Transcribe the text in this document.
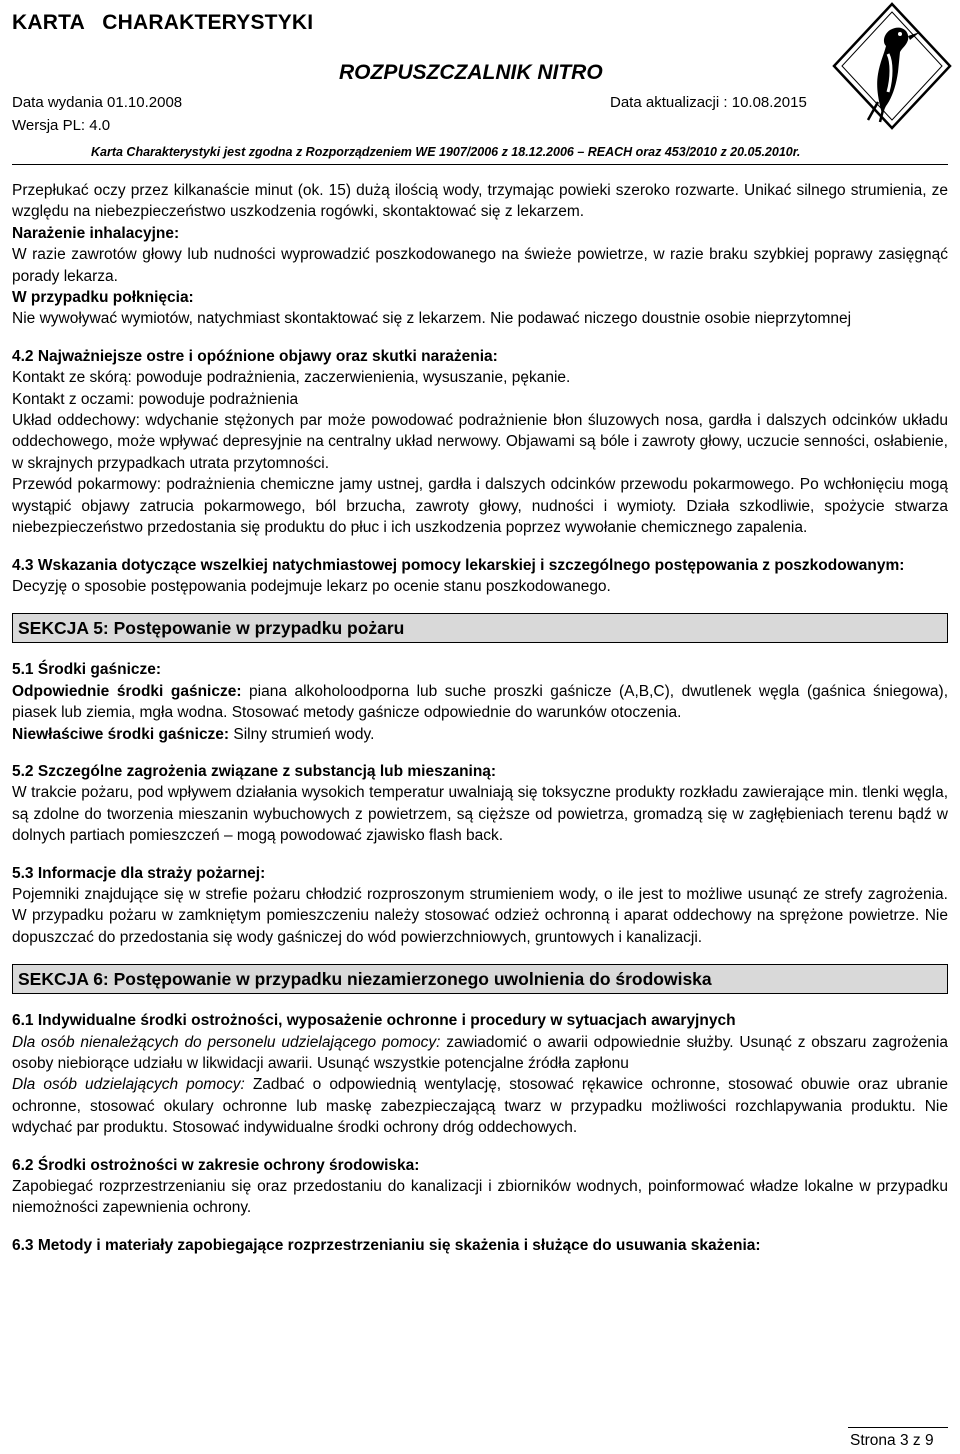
KARTA   CHARAKTERYSTYKI
ROZPUSZCZALNIK NITRO
Data wydania 01.10.2008	Data aktualizacji : 10.08.2015
Wersja PL: 4.0
Karta Charakterystyki jest zgodna z Rozporządzeniem WE 1907/2006 z 18.12.2006 – REACH oraz 453/2010 z 20.05.2010r.

Przepłukać oczy przez kilkanaście minut (ok. 15) dużą ilością wody, trzymając powieki szeroko rozwarte. Unikać silnego strumienia, ze względu na niebezpieczeństwo uszkodzenia rogówki, skontaktować się z lekarzem.

Narażenie inhalacyjne:

W razie zawrotów głowy lub nudności wyprowadzić poszkodowanego na świeże powietrze, w razie braku szybkiej poprawy zasięgnąć porady lekarza.

W przypadku połknięcia:

Nie wywoływać wymiotów, natychmiast skontaktować się z lekarzem. Nie podawać niczego doustnie osobie nieprzytomnej

4.2 Najważniejsze ostre i opóźnione objawy oraz skutki narażenia:

Kontakt ze skórą: powoduje podrażnienia, zaczerwienienia, wysuszanie, pękanie.

Kontakt z oczami: powoduje podrażnienia

Układ oddechowy: wdychanie stężonych par może powodować podrażnienie błon śluzowych nosa, gardła i dalszych odcinków układu oddechowego, może wpływać depresyjnie na centralny układ nerwowy. Objawami są bóle i zawroty głowy, uczucie senności, osłabienie, w skrajnych przypadkach utrata przytomności.

Przewód pokarmowy: podrażnienia chemiczne jamy ustnej, gardła i dalszych odcinków przewodu pokarmowego. Po wchłonięciu mogą wystąpić objawy zatrucia pokarmowego, ból brzucha, zawroty głowy, nudności i wymioty. Działa szkodliwie, spożycie stwarza niebezpieczeństwo przedostania się produktu do płuc i ich uszkodzenia poprzez wywołanie chemicznego zapalenia.

4.3 Wskazania dotyczące wszelkiej natychmiastowej pomocy lekarskiej i szczególnego postępowania z poszkodowanym:

Decyzję o sposobie postępowania podejmuje lekarz po ocenie stanu poszkodowanego.

SEKCJA 5: Postępowanie w przypadku pożaru

5.1 Środki gaśnicze:

Odpowiednie środki gaśnicze: piana alkoholoodporna lub suche proszki gaśnicze (A,B,C), dwutlenek węgla (gaśnica śniegowa), piasek lub ziemia, mgła wodna. Stosować metody gaśnicze odpowiednie do warunków otoczenia.

Niewłaściwe środki gaśnicze: Silny strumień wody.

5.2 Szczególne zagrożenia związane z substancją lub mieszaniną:

W trakcie pożaru, pod wpływem działania wysokich temperatur uwalniają się toksyczne produkty rozkładu zawierające min. tlenki węgla, są zdolne do tworzenia mieszanin wybuchowych z powietrzem, są cięższe od powietrza, gromadzą się w zagłębieniach terenu bądź w dolnych partiach pomieszczeń – mogą powodować zjawisko flash back.

5.3 Informacje dla straży pożarnej:

Pojemniki znajdujące się w strefie pożaru chłodzić rozproszonym strumieniem wody, o ile jest to możliwe usunąć ze strefy zagrożenia. W przypadku pożaru w zamkniętym pomieszczeniu należy stosować odzież ochronną i aparat oddechowy na sprężone powietrze. Nie dopuszczać do przedostania się wody gaśniczej do wód powierzchniowych, gruntowych i kanalizacji.

SEKCJA 6: Postępowanie w przypadku niezamierzonego uwolnienia do środowiska

6.1 Indywidualne środki ostrożności, wyposażenie ochronne i procedury w sytuacjach awaryjnych

Dla osób nienależących do personelu udzielającego pomocy: zawiadomić o awarii odpowiednie służby. Usunąć z obszaru zagrożenia osoby niebiorące udziału w likwidacji awarii. Usunąć wszystkie potencjalne źródła zapłonu

Dla osób udzielających pomocy: Zadbać o odpowiednią wentylację, stosować rękawice ochronne, stosować obuwie oraz ubranie ochronne, stosować okulary ochronne lub maskę zabezpieczającą twarz w przypadku możliwości rozchlapywania produktu. Nie wdychać par produktu. Stosować indywidualne środki ochrony dróg oddechowych.

6.2 Środki ostrożności w zakresie ochrony środowiska:

Zapobiegać rozprzestrzenianiu się oraz przedostaniu do kanalizacji i zbiorników wodnych, poinformować władze lokalne w przypadku niemożności zapewnienia ochrony.

6.3 Metody i materiały zapobiegające rozprzestrzenianiu się skażenia i służące do usuwania skażenia:

Strona 3 z 9
